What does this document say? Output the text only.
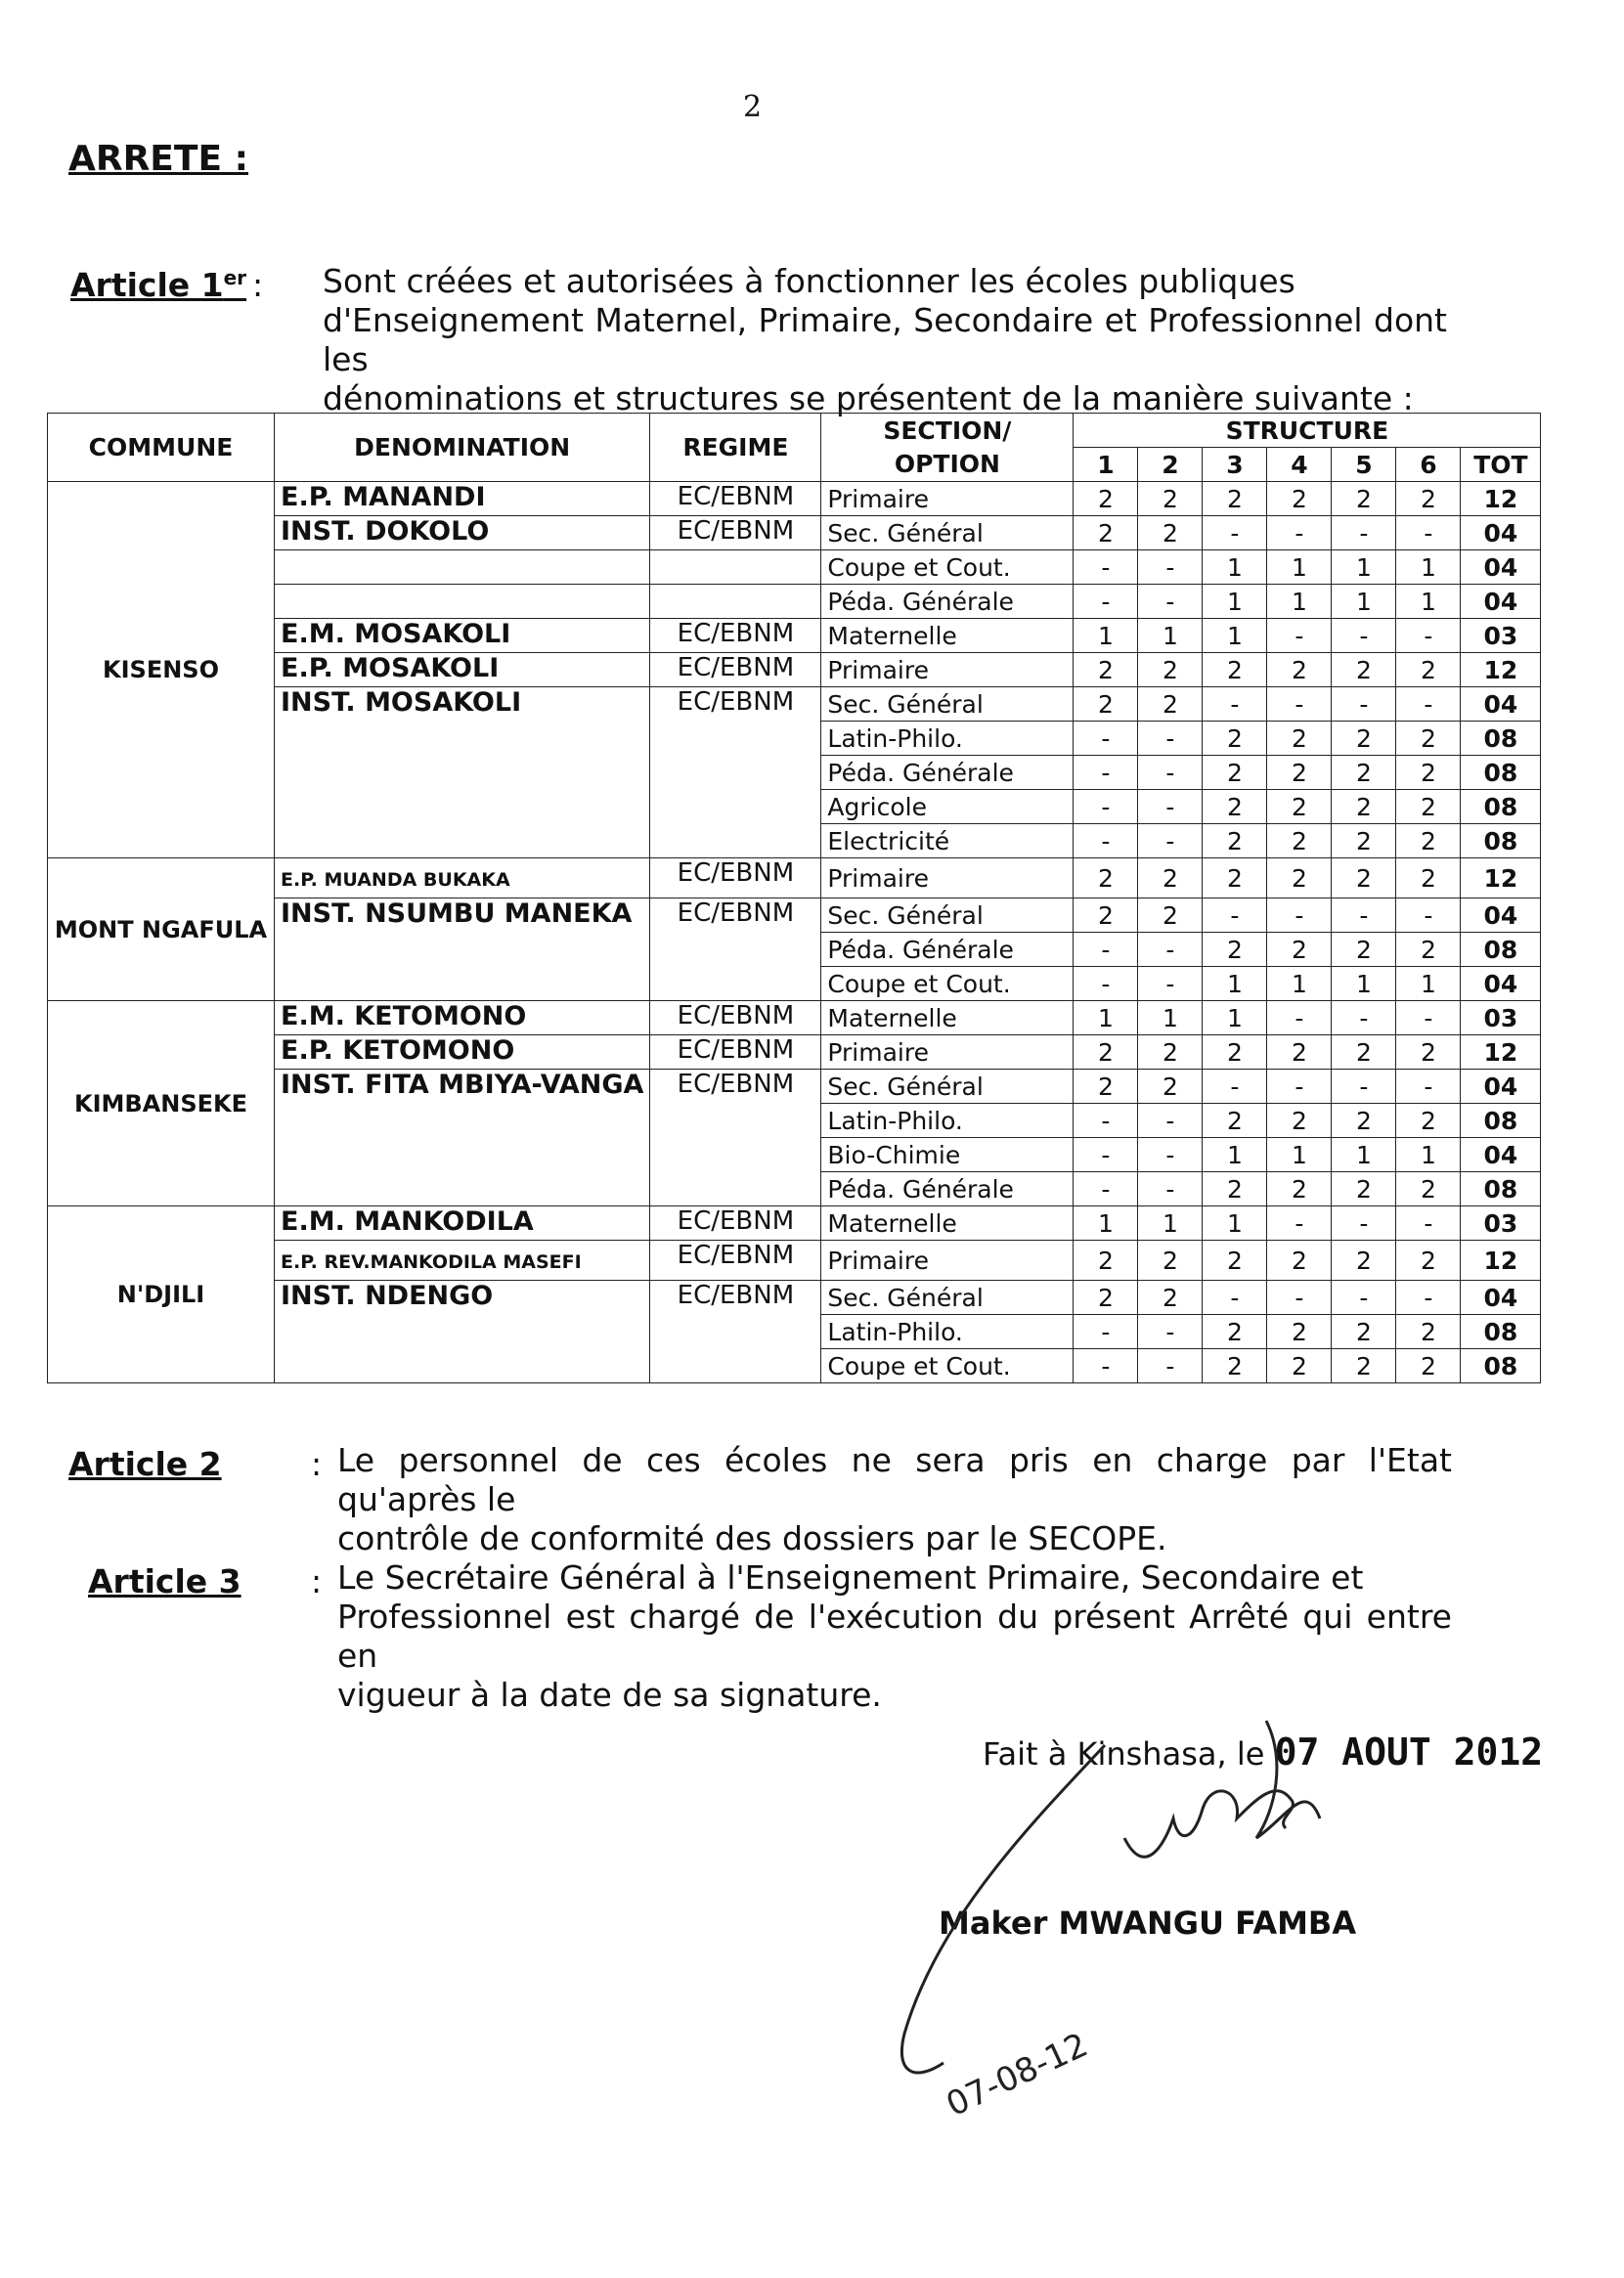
2
ARRETE :
Article 1er : Sont créées et autorisées à fonctionner les écoles publiques
d'Enseignement Maternel, Primaire, Secondaire et Professionnel dont les
dénominations et structures se présentent de la manière suivante :
COMMUNE	DENOMINATION	REGIME	SECTION/ OPTION	STRUCTURE						
				1	2	3	4	5	6	TOT
KISENSO	E.P. MANANDI	EC/EBNM	Primaire	2	2	2	2	2	2	12
	INST. DOKOLO	EC/EBNM	Sec. Général	2	2	-	-	-	-	04
			Coupe et Cout.	-	-	1	1	1	1	04
			Péda. Générale	-	-	1	1	1	1	04
	E.M. MOSAKOLI	EC/EBNM	Maternelle	1	1	1	-	-	-	03
	E.P. MOSAKOLI	EC/EBNM	Primaire	2	2	2	2	2	2	12
	INST. MOSAKOLI	EC/EBNM	Sec. Général	2	2	-	-	-	-	04
			Latin-Philo.	-	-	2	2	2	2	08
			Péda. Générale	-	-	2	2	2	2	08
			Agricole	-	-	2	2	2	2	08
			Electricité	-	-	2	2	2	2	08
MONT NGAFULA	E.P. MUANDA BUKAKA	EC/EBNM	Primaire	2	2	2	2	2	2	12
	INST. NSUMBU MANEKA	EC/EBNM	Sec. Général	2	2	-	-	-	-	04
			Péda. Générale	-	-	2	2	2	2	08
			Coupe et Cout.	-	-	1	1	1	1	04
KIMBANSEKE	E.M. KETOMONO	EC/EBNM	Maternelle	1	1	1	-	-	-	03
	E.P. KETOMONO	EC/EBNM	Primaire	2	2	2	2	2	2	12
	INST. FITA MBIYA-VANGA	EC/EBNM	Sec. Général	2	2	-	-	-	-	04
			Latin-Philo.	-	-	2	2	2	2	08
			Bio-Chimie	-	-	1	1	1	1	04
			Péda. Générale	-	-	2	2	2	2	08
N'DJILI	E.M. MANKODILA	EC/EBNM	Maternelle	1	1	1	-	-	-	03
	E.P. REV.MANKODILA MASEFI	EC/EBNM	Primaire	2	2	2	2	2	2	12
	INST. NDENGO	EC/EBNM	Sec. Général	2	2	-	-	-	-	04
			Latin-Philo.	-	-	2	2	2	2	08
			Coupe et Cout.	-	-	2	2	2	2	08
Article 2	: Le personnel de ces écoles ne sera pris en charge par l'Etat qu'après le
contrôle de conformité des dossiers par le SECOPE.
Article 3 : Le Secrétaire Général à l'Enseignement Primaire, Secondaire et
Professionnel est chargé de l'exécution du présent Arrêté qui entre en
vigueur à la date de sa signature.
Fait à Kinshasa, le 07 AOUT 2012
Maker MWANGU FAMBA
07-08-12
